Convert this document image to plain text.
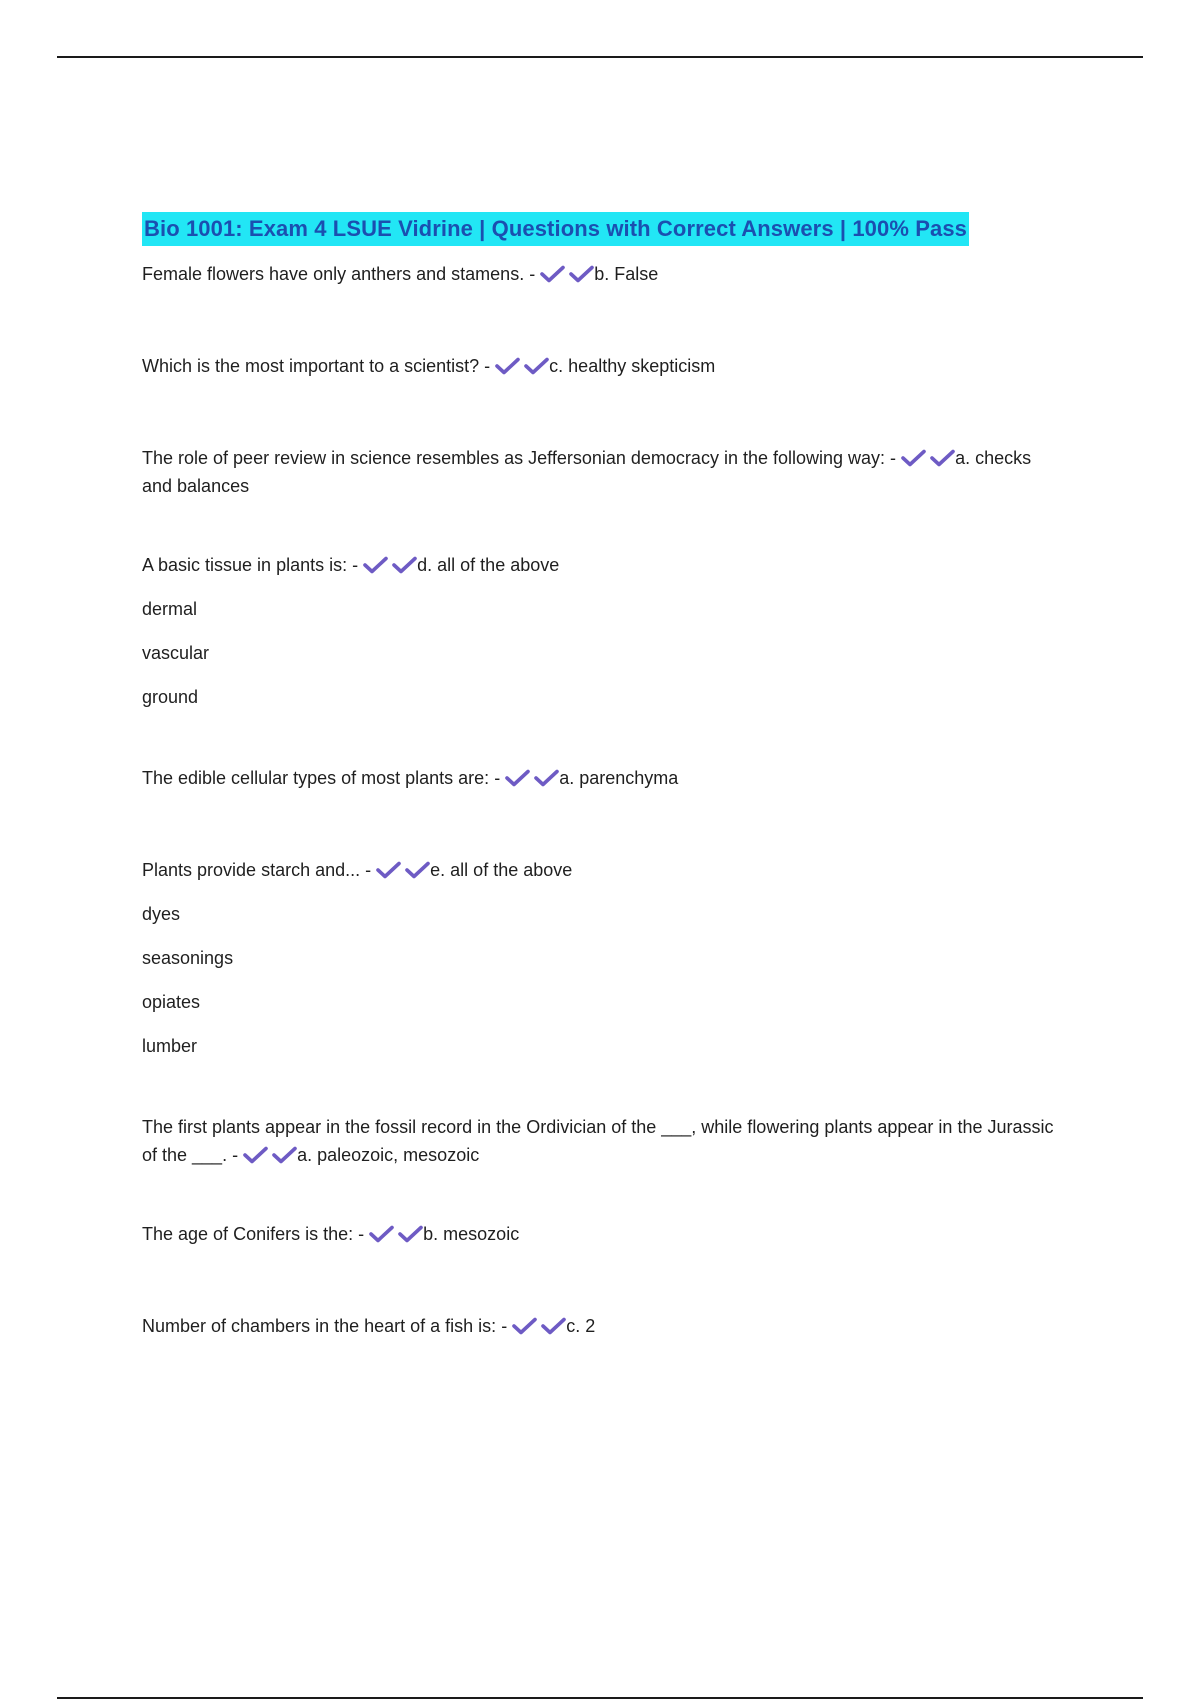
Bio 1001: Exam 4 LSUE Vidrine | Questions with Correct Answers | 100% Pass

Female flowers have only anthers and stamens. -	b. False

Which is the most important to a scientist? -	c. healthy skepticism

The role of peer review in science resembles as Jeffersonian democracy in the following way: -	a. checks and balances

A basic tissue in plants is: -	d. all of the above

dermal
vascular
ground

The edible cellular types of most plants are: -	a. parenchyma

Plants provide starch and... -	e. all of the above

dyes
seasonings
opiates
lumber

The first plants appear in the fossil record in the Ordivician of the ___, while flowering plants appear in the Jurassic of the ___. -	a. paleozoic, mesozoic

The age of Conifers is the: -	b. mesozoic

Number of chambers in the heart of a fish is: -	c. 2
